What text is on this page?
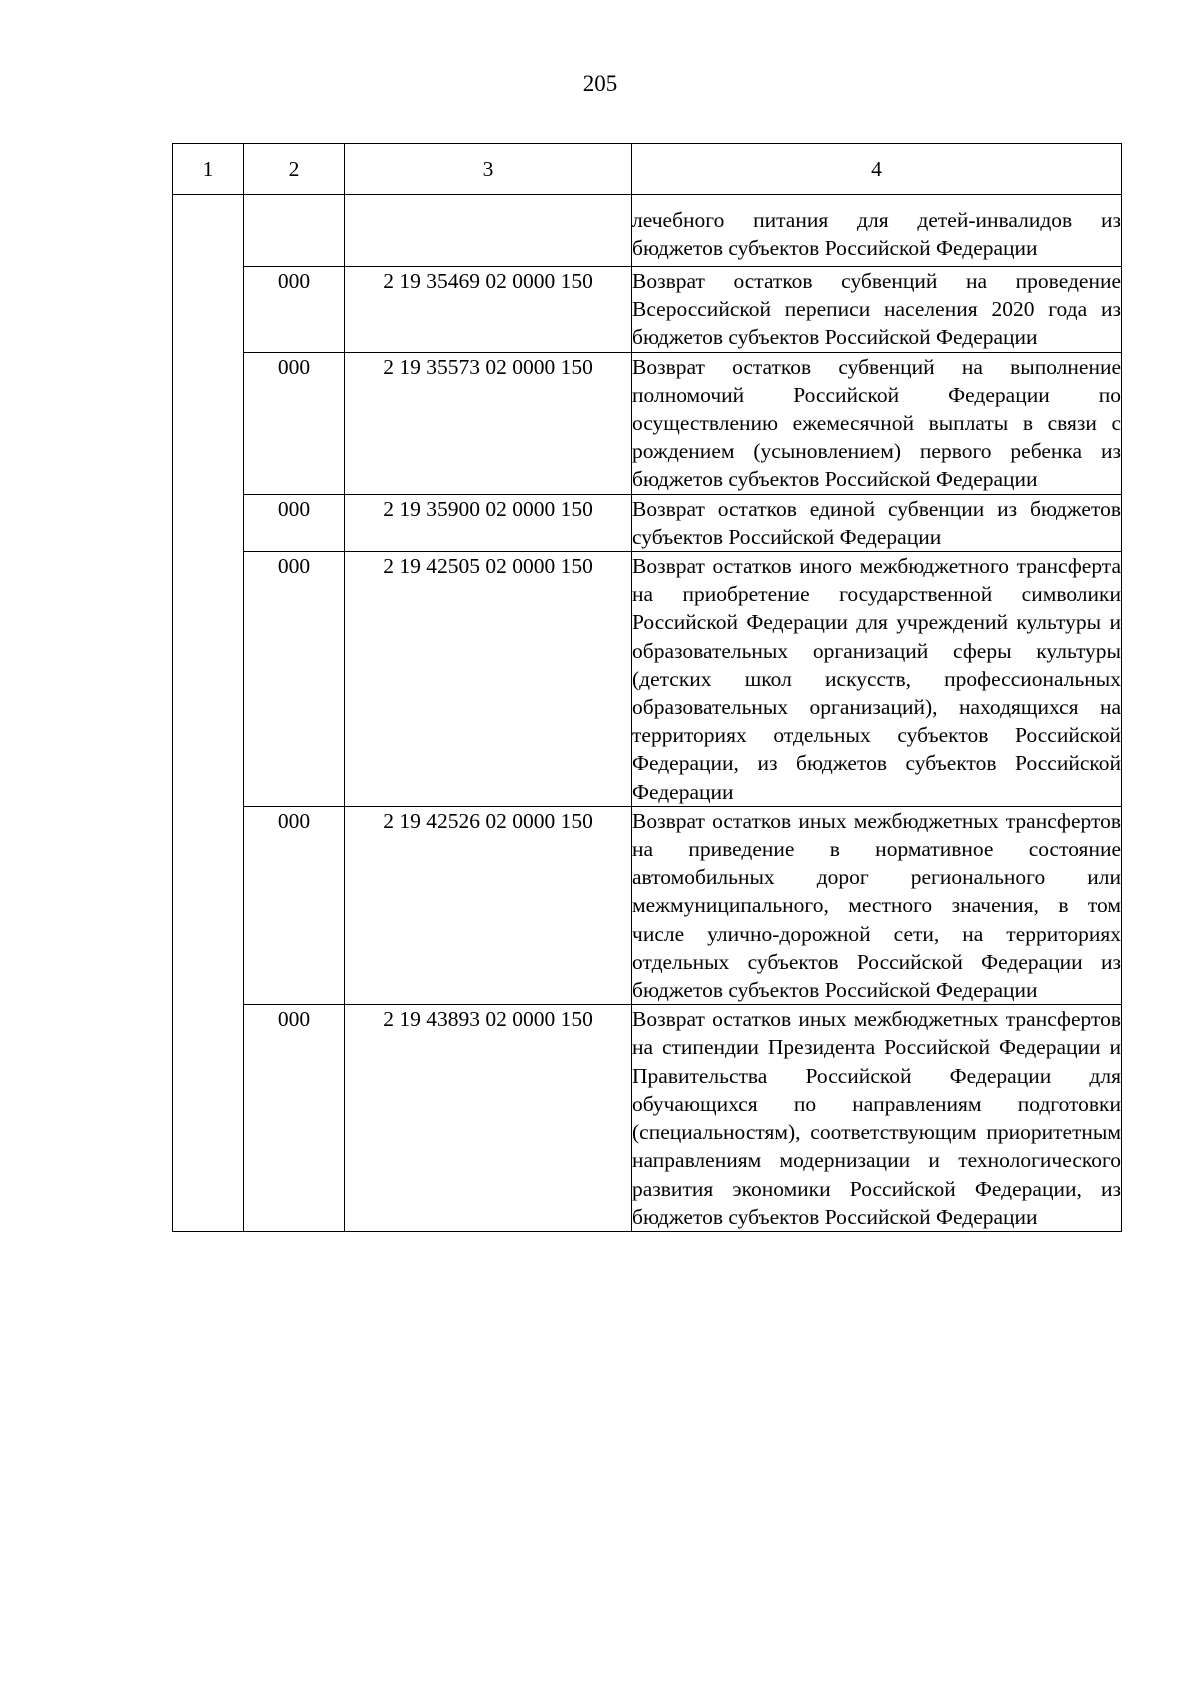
205
1	2	3	4
			лечебного питания для детей-инвалидов из бюджетов субъектов Российской Федерации
	000	2 19 35469 02 0000 150	Возврат остатков субвенций на проведение Всероссийской переписи населения 2020 года из бюджетов субъектов Российской Федерации
	000	2 19 35573 02 0000 150	Возврат остатков субвенций на выполнение полномочий Российской Федерации по осуществлению ежемесячной выплаты в связи с рождением (усыновлением) первого ребенка из бюджетов субъектов Российской Федерации
	000	2 19 35900 02 0000 150	Возврат остатков единой субвенции из бюджетов субъектов Российской Федерации
	000	2 19 42505 02 0000 150	Возврат остатков иного межбюджетного трансферта на приобретение государственной символики Российской Федерации для учреждений культуры и образовательных организаций сферы культуры (детских школ искусств, профессиональных образовательных организаций), находящихся на территориях отдельных субъектов Российской Федерации, из бюджетов субъектов Российской Федерации
	000	2 19 42526 02 0000 150	Возврат остатков иных межбюджетных трансфертов на приведение в нормативное состояние автомобильных дорог регионального или межмуниципального, местного значения, в том числе улично-дорожной сети, на территориях отдельных субъектов Российской Федерации из бюджетов субъектов Российской Федерации
	000	2 19 43893 02 0000 150	Возврат остатков иных межбюджетных трансфертов на стипендии Президента Российской Федерации и Правительства Российской Федерации для обучающихся по направлениям подготовки (специальностям), соответствующим приоритетным направлениям модернизации и технологического развития экономики Российской Федерации, из бюджетов субъектов Российской Федерации
